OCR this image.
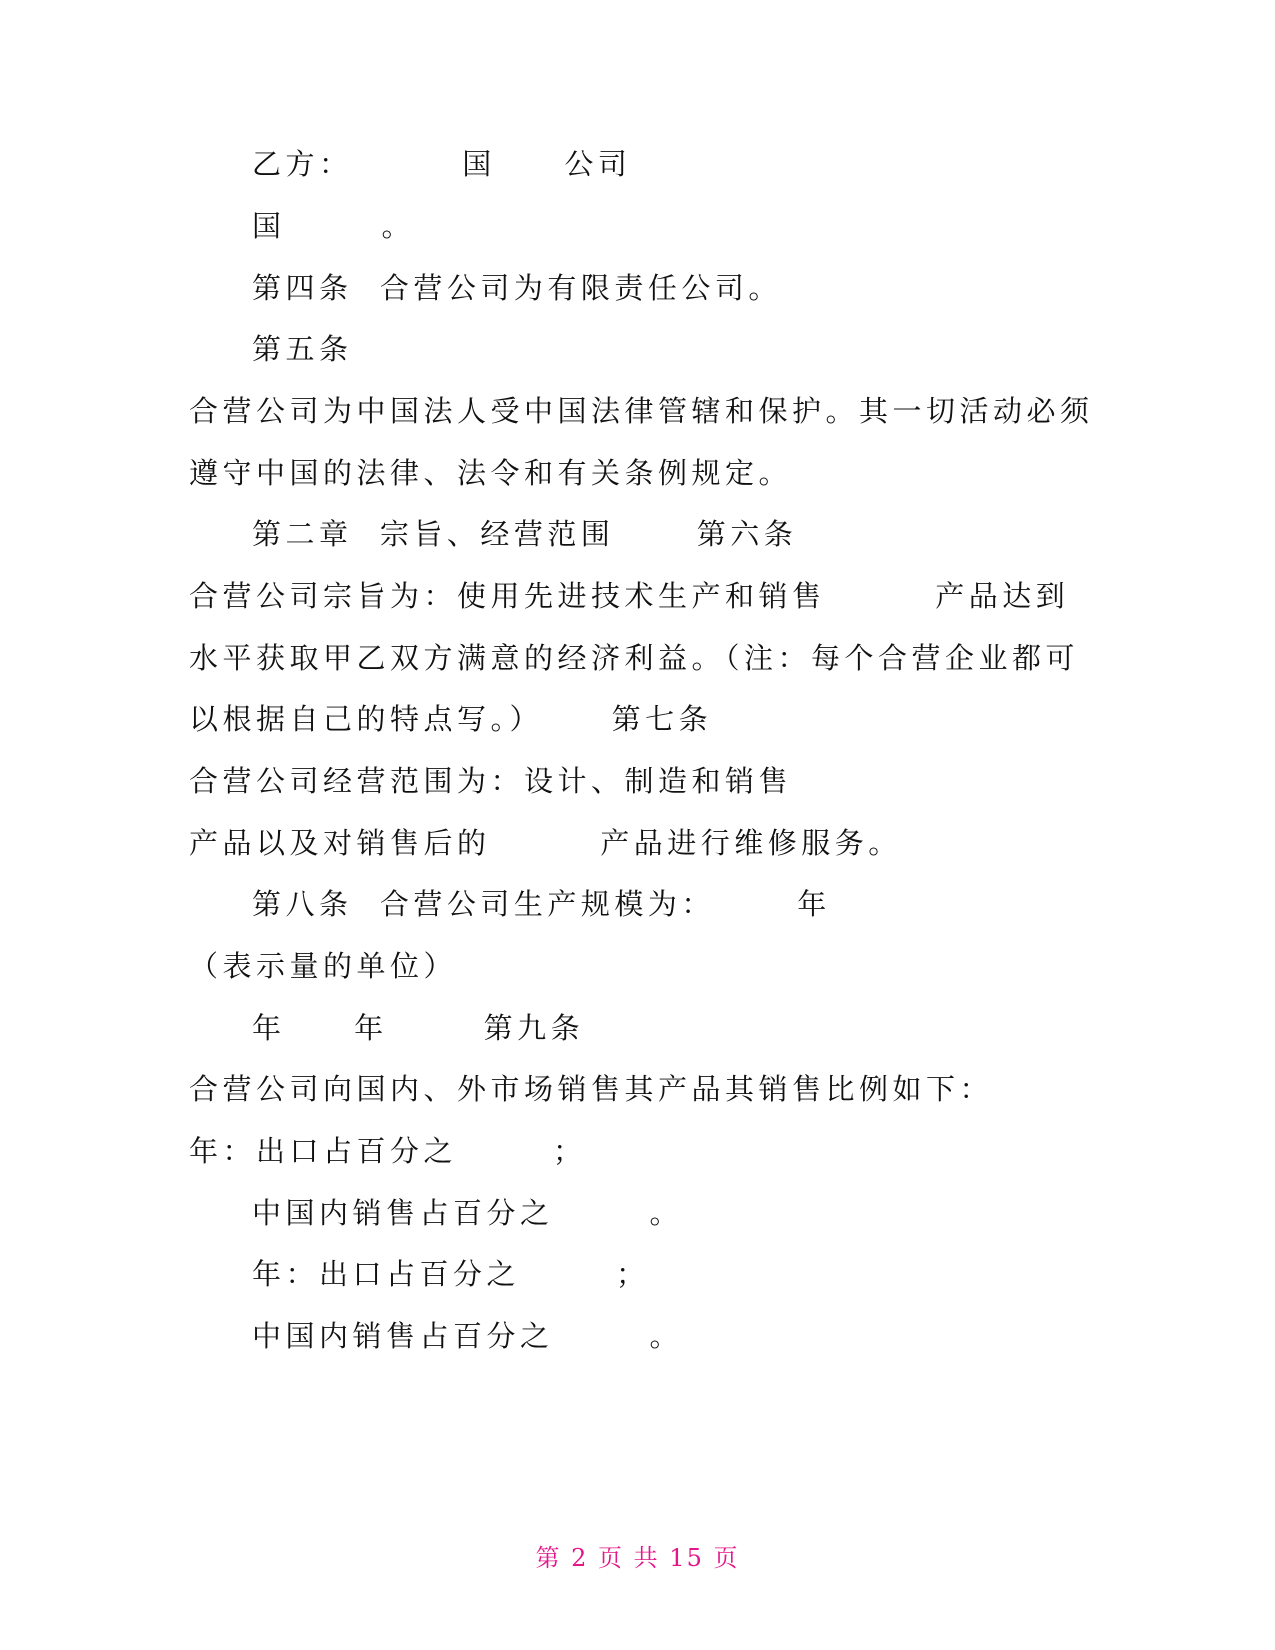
乙方：        国     公司
国       。
第四条  合营公司为有限责任公司。
第五条
合营公司为中国法人受中国法律管辖和保护。其一切活动必须
遵守中国的法律、法令和有关条例规定。
第二章  宗旨、经营范围      第六条
合营公司宗旨为：使用先进技术生产和销售        产品达到
水平获取甲乙双方满意的经济利益。（注：每个合营企业都可
以根据自己的特点写。）     第七条
合营公司经营范围为：设计、制造和销售
产品以及对销售后的        产品进行维修服务。
第八条  合营公司生产规模为：      年
（表示量的单位）
年     年       第九条
合营公司向国内、外市场销售其产品其销售比例如下：
年：出口占百分之       ；
中国内销售占百分之       。
年：出口占百分之       ；
中国内销售占百分之       。
第 2 页 共 15 页
